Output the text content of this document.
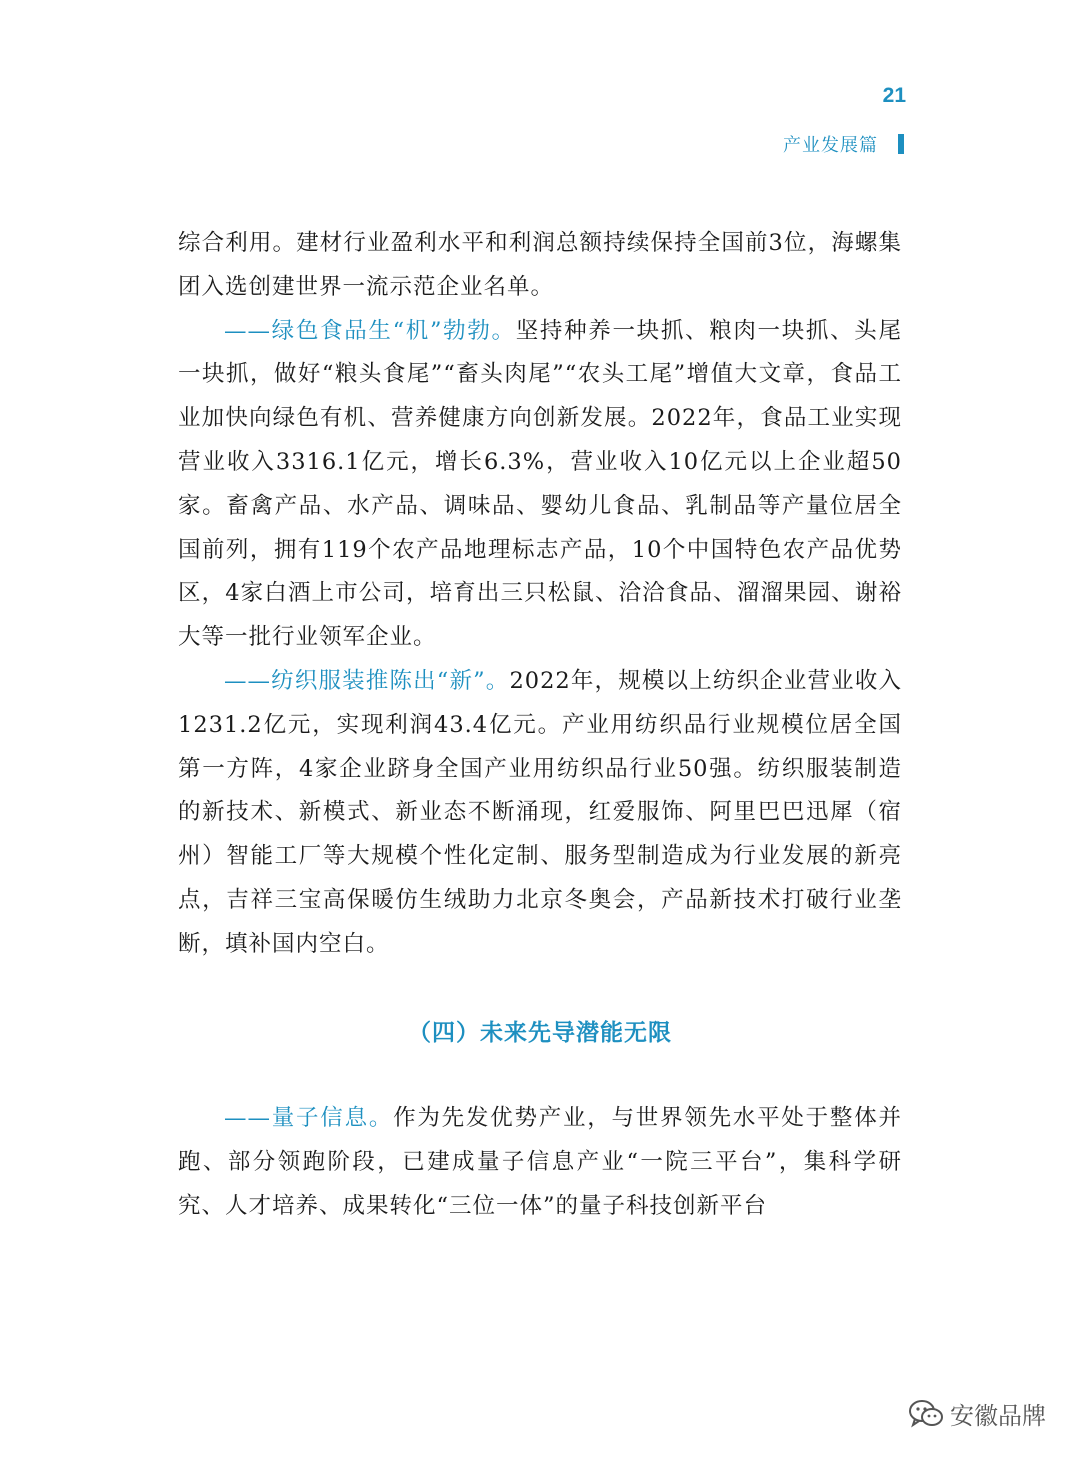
21
产业发展篇

综合利用。建材行业盈利水平和利润总额持续保持全国前3位，海螺集团入选创建世界一流示范企业名单。

——绿色食品生“机”勃勃。坚持种养一块抓、粮肉一块抓、头尾一块抓，做好“粮头食尾”“畜头肉尾”“农头工尾”增值大文章，食品工业加快向绿色有机、营养健康方向创新发展。2022年，食品工业实现营业收入3316.1亿元，增长6.3%，营业收入10亿元以上企业超50家。畜禽产品、水产品、调味品、婴幼儿食品、乳制品等产量位居全国前列，拥有119个农产品地理标志产品，10个中国特色农产品优势区，4家白酒上市公司，培育出三只松鼠、洽洽食品、溜溜果园、谢裕大等一批行业领军企业。

——纺织服装推陈出“新”。2022年，规模以上纺织企业营业收入1231.2亿元，实现利润43.4亿元。产业用纺织品行业规模位居全国第一方阵，4家企业跻身全国产业用纺织品行业50强。纺织服装制造的新技术、新模式、新业态不断涌现，红爱服饰、阿里巴巴迅犀（宿州）智能工厂等大规模个性化定制、服务型制造成为行业发展的新亮点，吉祥三宝高保暖仿生绒助力北京冬奥会，产品新技术打破行业垄断，填补国内空白。

（四）未来先导潜能无限

——量子信息。作为先发优势产业，与世界领先水平处于整体并跑、部分领跑阶段，已建成量子信息产业“一院三平台”，集科学研究、人才培养、成果转化“三位一体”的量子科技创新平台

安徽品牌
